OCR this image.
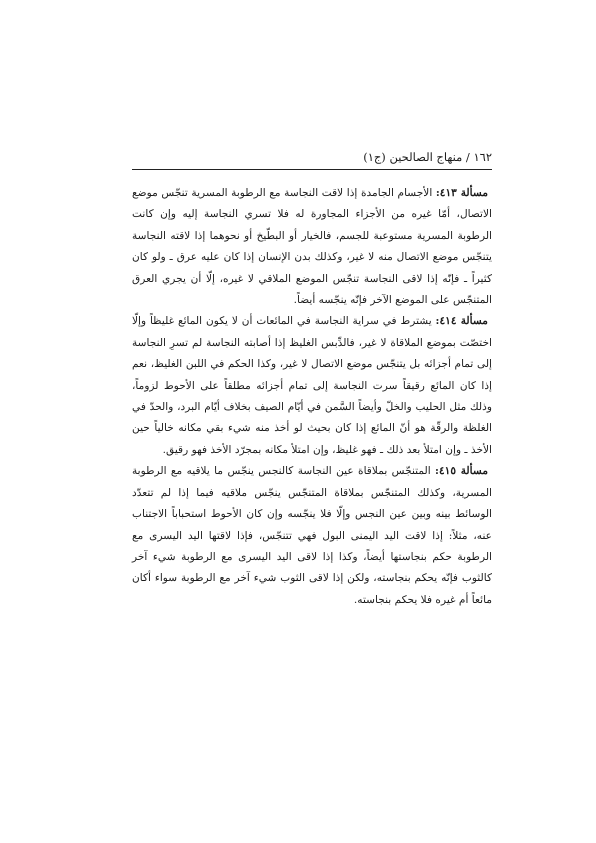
١٦٢ / منهاج الصالحين (ج١)

مسألة ٤١٣: الأجسام الجامدة إذا لاقت النجاسة مع الرطوبة المسرية تنجّس موضع الاتصال، أمّا غيره من الأجزاء المجاورة له فلا تسري النجاسة إليه وإن كانت الرطوبة المسرية مستوعبة للجسم، فالخيار أو البطّيخ أو نحوهما إذا لاقته النجاسة يتنجّس موضع الاتصال منه لا غير، وكذلك بدن الإنسان إذا كان عليه عرق ـ ولو كان كثيراً ـ فإنّه إذا لاقى النجاسة تنجّس الموضع الملاقي لا غيره، إلّا أن يجري العرق المتنجّس على الموضع الآخر فإنّه ينجّسه أيضاً.

مسألة ٤١٤: يشترط في سراية النجاسة في المائعات أن لا يكون المائع غليظاً وإلّا اختصّت بموضع الملاقاة لا غير، فالدِّبس الغليظ إذا أصابته النجاسة لم تسرِ النجاسة إلى تمام أجزائه بل يتنجّس موضع الاتصال لا غير، وكذا الحكم في اللبن الغليظ، نعم إذا كان المائع رقيقاً سرت النجاسة إلى تمام أجزائه مطلقاً على الأحوط لزوماً، وذلك مثل الحليب والخلّ وأيضاً السَّمن في أيّام الصيف بخلاف أيّام البرد، والحدّ في الغلظة والرقّة هو أنّ المائع إذا كان بحيث لو أخذ منه شيء بقي مكانه خالياً حين الأخذ ـ وإن امتلأ بعد ذلك ـ فهو غليظ، وإن امتلأ مكانه بمجرّد الأخذ فهو رقيق.

مسألة ٤١٥: المتنجّس بملاقاة عين النجاسة كالنجس ينجّس ما يلاقيه مع الرطوبة المسرية، وكذلك المتنجّس بملاقاة المتنجّس ينجّس ملاقيه فيما إذا لم تتعدّد الوسائط بينه وبين عين النجس وإلّا فلا ينجّسه وإن كان الأحوط استحباباً الاجتناب عنه، مثلاً: إذا لاقت اليد اليمنى البول فهي تتنجّس، فإذا لاقتها اليد اليسرى مع الرطوبة حكم بنجاستها أيضاً، وكذا إذا لاقى اليد اليسرى مع الرطوبة شيء آخر كالثوب فإنّه يحكم بنجاسته، ولكن إذا لاقى الثوب شيء آخر مع الرطوبة سواء أكان مائعاً أم غيره فلا يحكم بنجاسته.
